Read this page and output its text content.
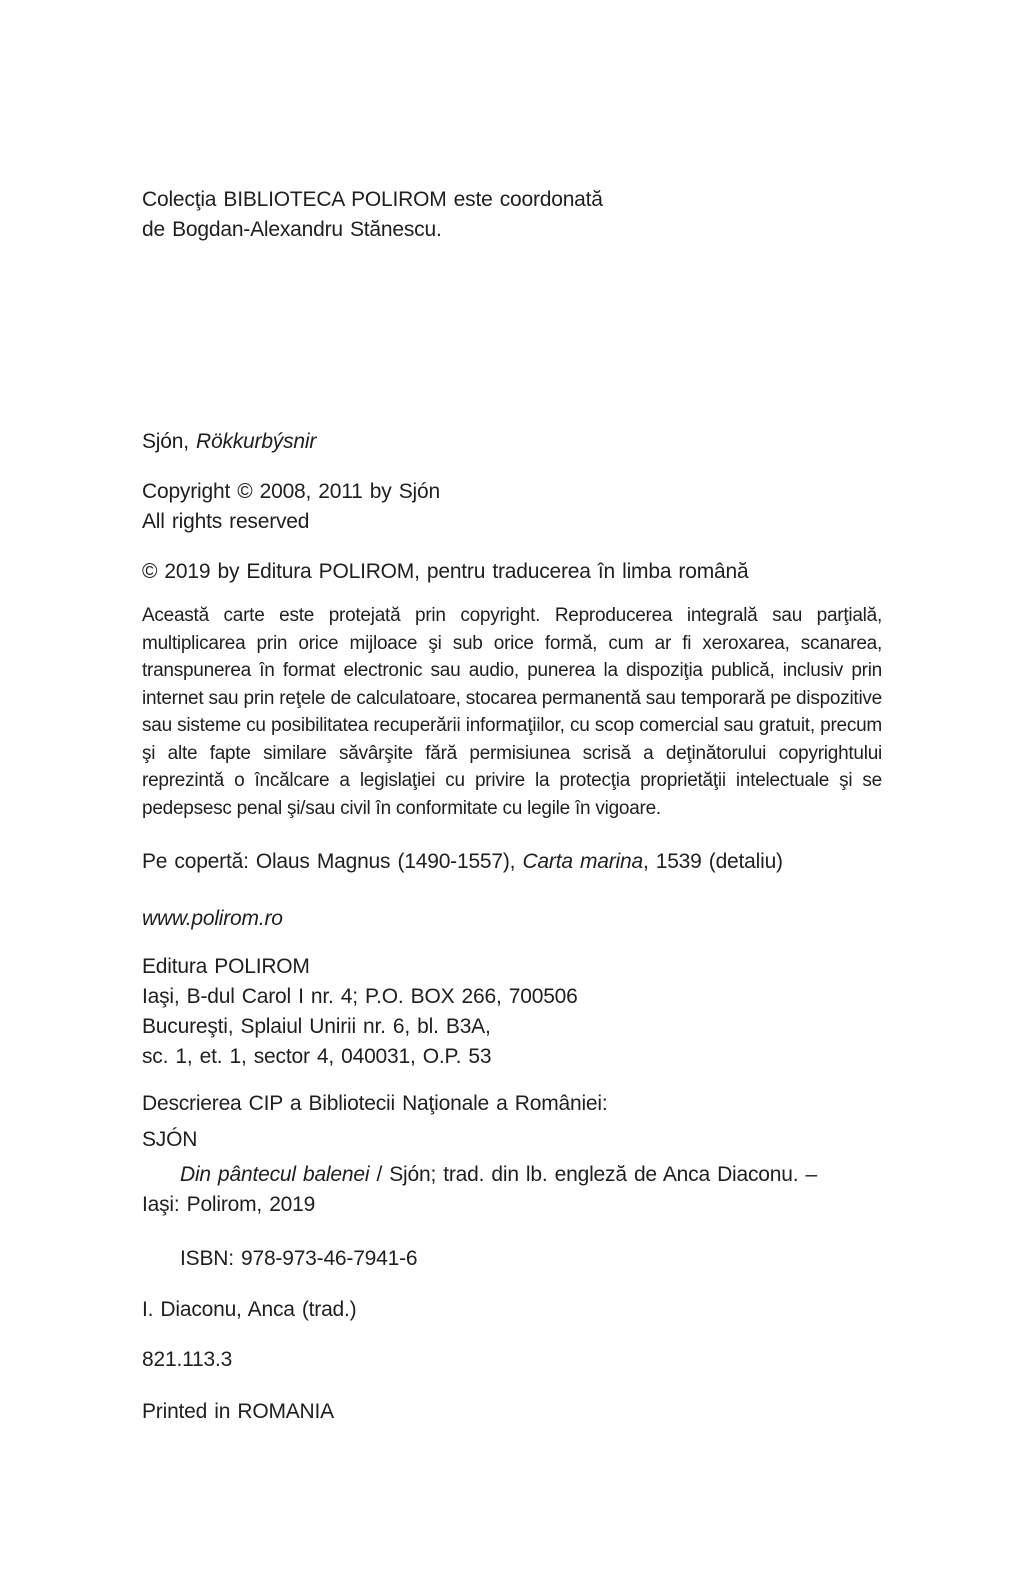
Colecţia BIBLIOTECA POLIROM este coordonată
de Bogdan-Alexandru Stănescu.
Sjón, Rökkurbýsnir
Copyright © 2008, 2011 by Sjón
All rights reserved
© 2019 by Editura POLIROM, pentru traducerea în limba română
Această carte este protejată prin copyright. Reproducerea integrală sau parţială, multiplicarea prin orice mijloace şi sub orice formă, cum ar fi xeroxarea, scanarea, transpunerea în format electronic sau audio, punerea la dispoziţia publică, inclusiv prin internet sau prin reţele de calculatoare, stocarea permanentă sau temporară pe dispozitive sau sisteme cu posibilitatea recuperării informaţiilor, cu scop comercial sau gratuit, precum şi alte fapte similare săvârşite fără permisiunea scrisă a deţinătorului copyrightului reprezintă o încălcare a legislaţiei cu privire la protecţia proprietăţii intelectuale şi se pedepsesc penal şi/sau civil în conformitate cu legile în vigoare.
Pe copertă: Olaus Magnus (1490-1557), Carta marina, 1539 (detaliu)
www.polirom.ro
Editura POLIROM
Iaşi, B-dul Carol I nr. 4; P.O. BOX 266, 700506
Bucureşti, Splaiul Unirii nr. 6, bl. B3A,
sc. 1, et. 1, sector 4, 040031, O.P. 53
Descrierea CIP a Bibliotecii Naţionale a României:
SJÓN
Din pântecul balenei / Sjón; trad. din lb. engleză de Anca Diaconu. –
Iaşi: Polirom, 2019
ISBN: 978-973-46-7941-6
I. Diaconu, Anca (trad.)
821.113.3
Printed in ROMANIA
